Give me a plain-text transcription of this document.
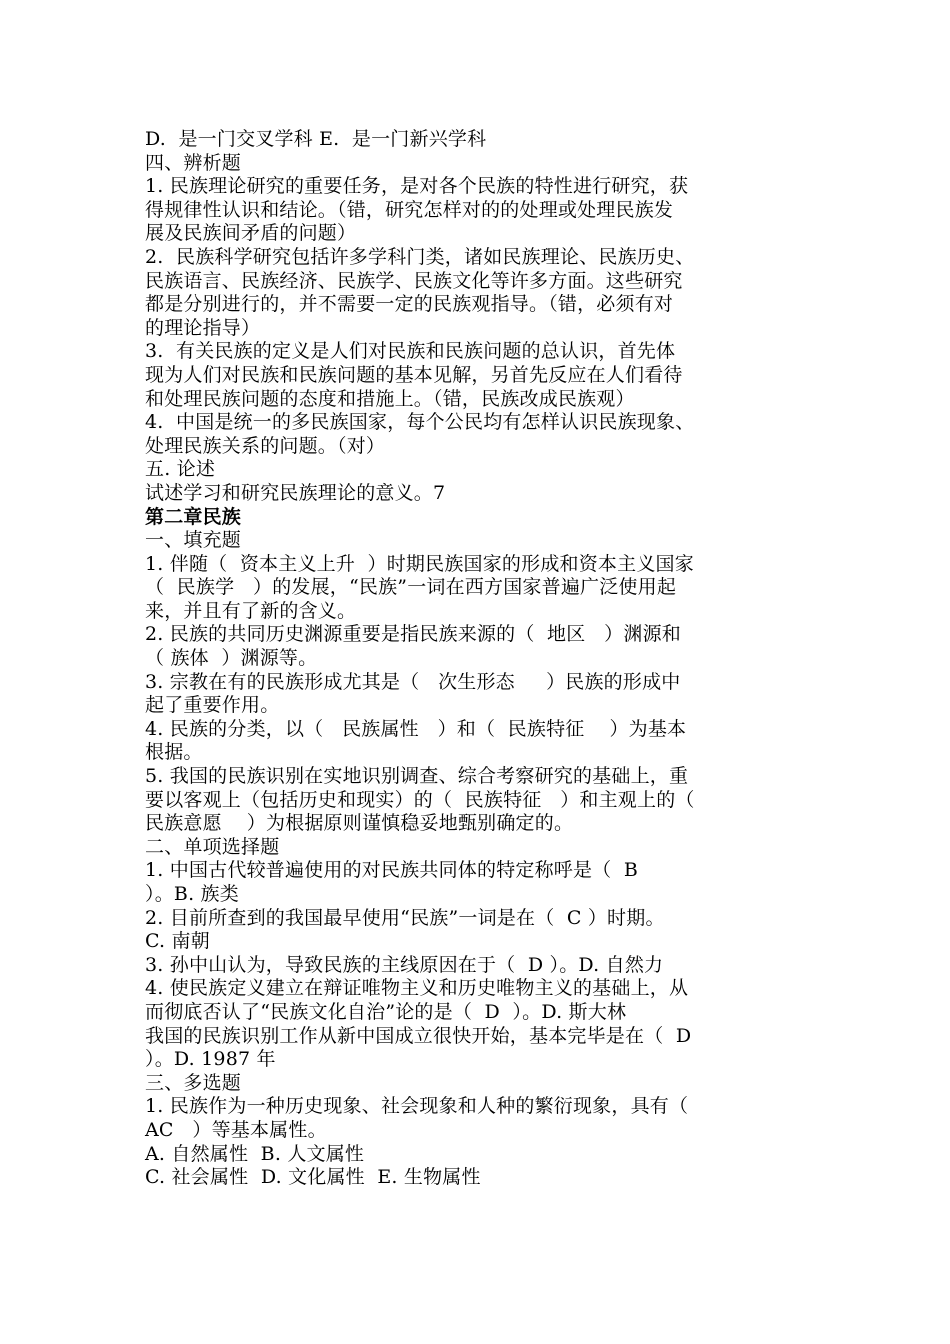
D.  是一门交叉学科 E.  是一门新兴学科
四、辨析题
1. 民族理论研究的重要任务，是对各个民族的特性进行研究，获
得规律性认识和结论。（错，研究怎样对的的处理或处理民族发
展及民族间矛盾的问题）
2.  民族科学研究包括许多学科门类，诸如民族理论、民族历史、
民族语言、民族经济、民族学、民族文化等许多方面。这些研究
都是分别进行的，并不需要一定的民族观指导。（错，必须有对
的理论指导）
3.  有关民族的定义是人们对民族和民族问题的总认识，首先体
现为人们对民族和民族问题的基本见解，另首先反应在人们看待
和处理民族问题的态度和措施上。（错，民族改成民族观）
4.  中国是统一的多民族国家，每个公民均有怎样认识民族现象、
处理民族关系的问题。（对）
五. 论述
试述学习和研究民族理论的意义。7
第二章民族
一、填充题
1. 伴随（  资本主义上升  ）时期民族国家的形成和资本主义国家
（  民族学   ）的发展，“民族”一词在西方国家普遍广泛使用起
来，并且有了新的含义。
2. 民族的共同历史渊源重要是指民族来源的（  地区   ）渊源和
（ 族体  ）渊源等。
3. 宗教在有的民族形成尤其是（   次生形态     ）民族的形成中
起了重要作用。
4. 民族的分类，以（   民族属性   ）和（  民族特征    ）为基本
根据。
5. 我国的民族识别在实地识别调查、综合考察研究的基础上，重
要以客观上（包括历史和现实）的（  民族特征   ）和主观上的（
民族意愿    ）为根据原则谨慎稳妥地甄别确定的。
二、单项选择题
1. 中国古代较普遍使用的对民族共同体的特定称呼是（  B
）。B. 族类
2. 目前所查到的我国最早使用“民族”一词是在（  C ）时期。
C. 南朝
3. 孙中山认为，导致民族的主线原因在于（  D ）。D. 自然力
4. 使民族定义建立在辩证唯物主义和历史唯物主义的基础上，从
而彻底否认了“民族文化自治”论的是（  D  ）。D. 斯大林
我国的民族识别工作从新中国成立很快开始，基本完毕是在（  D
）。D. 1987 年
三、多选题
1. 民族作为一种历史现象、社会现象和人种的繁衍现象，具有（
AC   ）等基本属性。
A. 自然属性  B. 人文属性
C. 社会属性  D. 文化属性  E. 生物属性
